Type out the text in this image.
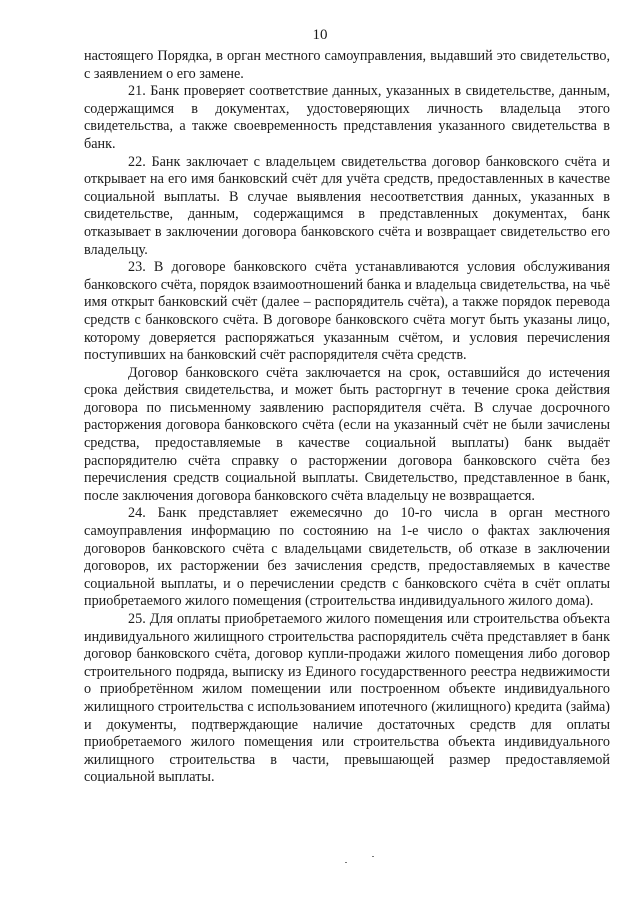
10

настоящего Порядка, в орган местного самоуправления, выдавший это свидетельство, с заявлением о его замене.

21. Банк проверяет соответствие данных, указанных в свидетельстве, данным, содержащимся в документах, удостоверяющих личность владельца этого свидетельства, а также своевременность представления указанного свидетельства в банк.

22. Банк заключает с владельцем свидетельства договор банковского счёта и открывает на его имя банковский счёт для учёта средств, предоставленных в качестве социальной выплаты. В случае выявления несоответствия данных, указанных в свидетельстве, данным, содержащимся в представленных документах, банк отказывает в заключении договора банковского счёта и возвращает свидетельство его владельцу.

23. В договоре банковского счёта устанавливаются условия обслуживания банковского счёта, порядок взаимоотношений банка и владельца свидетельства, на чьё имя открыт банковский счёт (далее – распорядитель счёта), а также порядок перевода средств с банковского счёта. В договоре банковского счёта могут быть указаны лицо, которому доверяется распоряжаться указанным счётом, и условия перечисления поступивших на банковский счёт распорядителя счёта средств.

Договор банковского счёта заключается на срок, оставшийся до истечения срока действия свидетельства, и может быть расторгнут в течение срока действия договора по письменному заявлению распорядителя счёта. В случае досрочного расторжения договора банковского счёта (если на указанный счёт не были зачислены средства, предоставляемые в качестве социальной выплаты) банк выдаёт распорядителю счёта справку о расторжении договора банковского счёта без перечисления средств социальной выплаты. Свидетельство, представленное в банк, после заключения договора банковского счёта владельцу не возвращается.

24. Банк представляет ежемесячно до 10-го числа в орган местного самоуправления информацию по состоянию на 1-е число о фактах заключения договоров банковского счёта с владельцами свидетельств, об отказе в заключении договоров, их расторжении без зачисления средств, предоставляемых в качестве социальной выплаты, и о перечислении средств с банковского счёта в счёт оплаты приобретаемого жилого помещения (строительства индивидуального жилого дома).

25. Для оплаты приобретаемого жилого помещения или строительства объекта индивидуального жилищного строительства распорядитель счёта представляет в банк договор банковского счёта, договор купли-продажи жилого помещения либо договор строительного подряда, выписку из Единого государственного реестра недвижимости о приобретённом жилом помещении или построенном объекте индивидуального жилищного строительства с использованием ипотечного (жилищного) кредита (займа) и документы, подтверждающие наличие достаточных средств для оплаты приобретаемого жилого помещения или строительства объекта индивидуального жилищного строительства в части, превышающей размер предоставляемой социальной выплаты.
